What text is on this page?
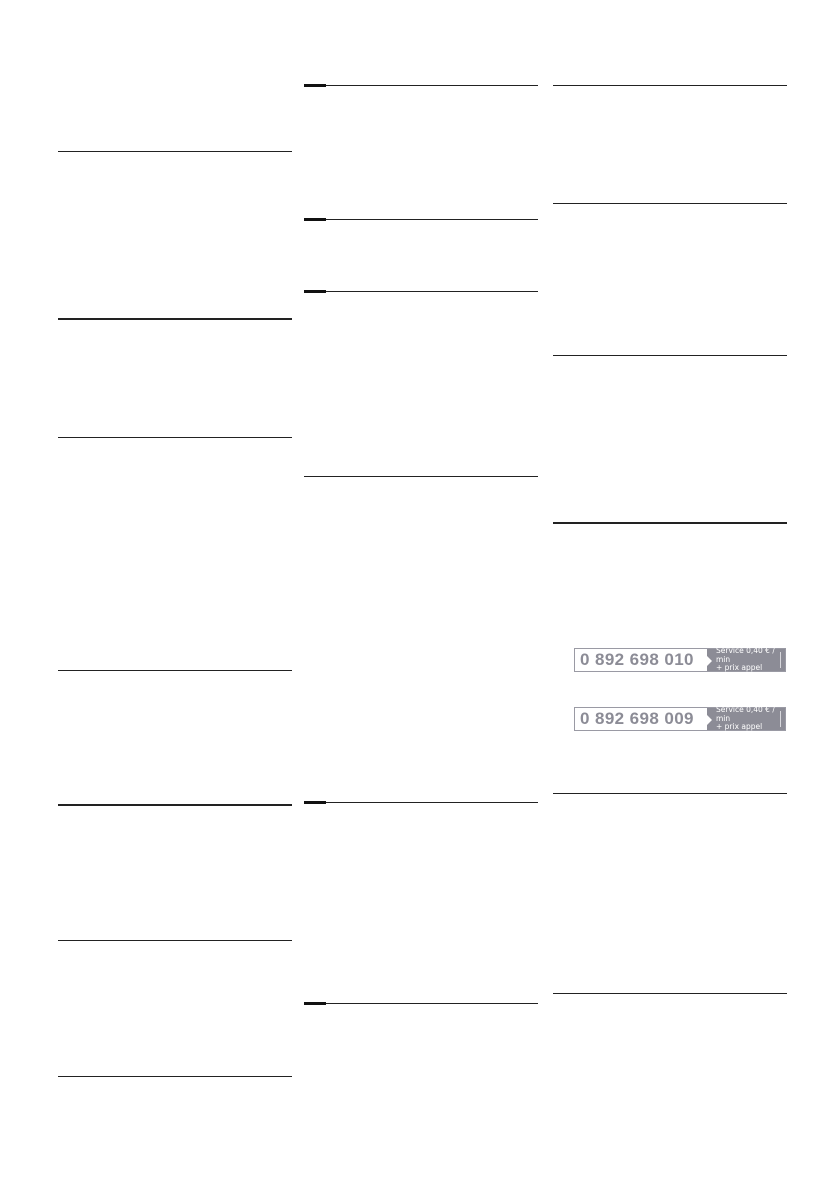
0 892 698 010	Service 0,40 € / min
+ prix appel
0 892 698 009	Service 0,40 € / min
+ prix appel
